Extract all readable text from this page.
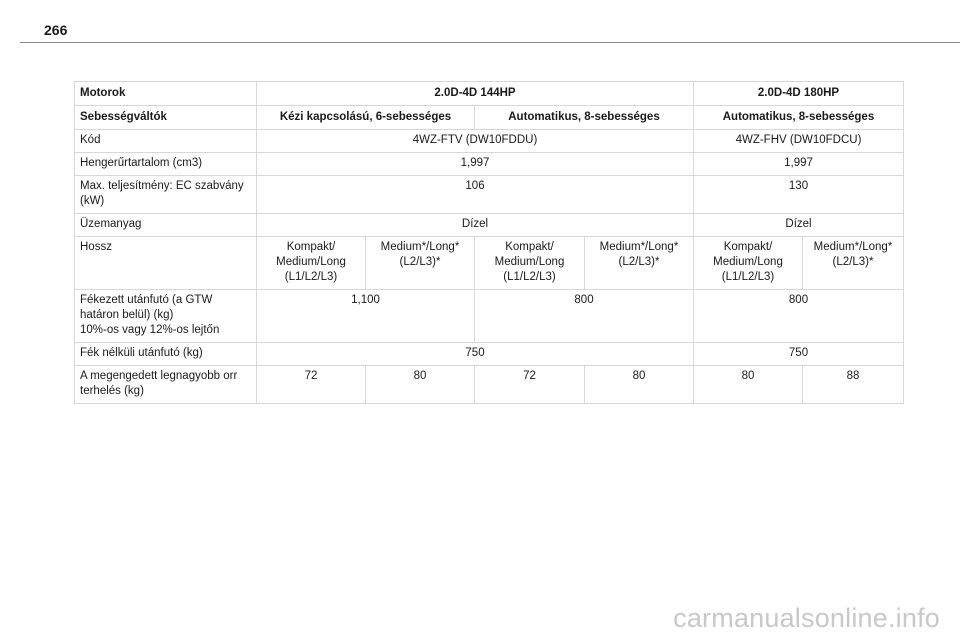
266
Motorok	2.0D-4D 144HP				2.0D-4D 180HP	
Sebességváltók	Kézi kapcsolású, 6-sebességes		Automatikus, 8-sebességes		Automatikus, 8-sebességes	
Kód	4WZ-FTV (DW10FDDU)				4WZ-FHV (DW10FDCU)	
Hengerűrtartalom (cm3)	1,997				1,997	
Max. teljesítmény: EC szabvány (kW)	106				130	
Üzemanyag	Dízel				Dízel	
Hossz	Kompakt/ Medium/Long (L1/L2/L3)	Medium*/Long* (L2/L3)*	Kompakt/ Medium/Long (L1/L2/L3)	Medium*/Long* (L2/L3)*	Kompakt/ Medium/Long (L1/L2/L3)	Medium*/Long* (L2/L3)*

Fékezett utánfutó (a GTW
határon belül) (kg)
10%-os vagy 12%-os lejtőn	1,100		800		800	
Fék nélküli utánfutó (kg)	750				750	
A megengedett legnagyobb orr terhelés (kg)	72	80	72	80	80	88
carmanualsonline.info
